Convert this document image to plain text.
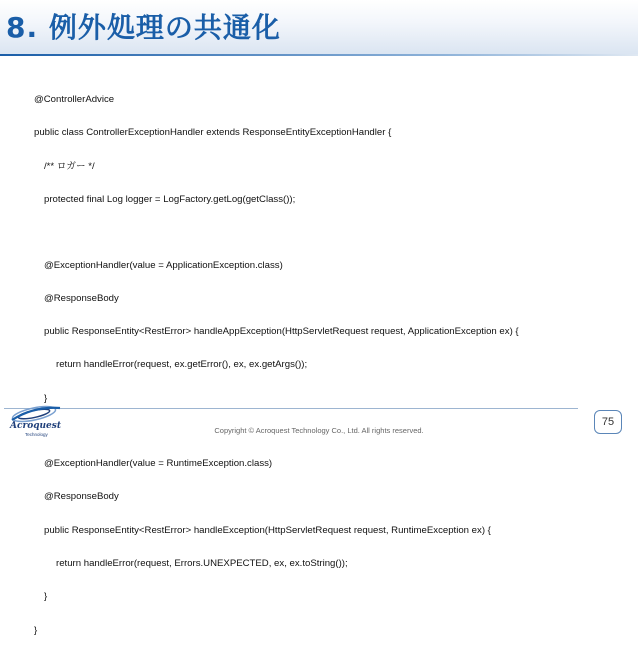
8. 例外処理の共通化

@ControllerAdvice

public class ControllerExceptionHandler extends ResponseEntityExceptionHandler {

/** ロガー */

protected final Log logger = LogFactory.getLog(getClass());

@ExceptionHandler(value = ApplicationException.class)

@ResponseBody

public ResponseEntity<RestError> handleAppException(HttpServletRequest request, ApplicationException ex) {

return handleError(request, ex.getError(), ex, ex.getArgs());

}

@ExceptionHandler(value = RuntimeException.class)

@ResponseBody

public ResponseEntity<RestError> handleException(HttpServletRequest request, RuntimeException ex) {

return handleError(request, Errors.UNEXPECTED, ex, ex.toString());

}

}

Acroquest
Technology	Copyright © Acroquest Technology Co., Ltd. All rights reserved.
75
